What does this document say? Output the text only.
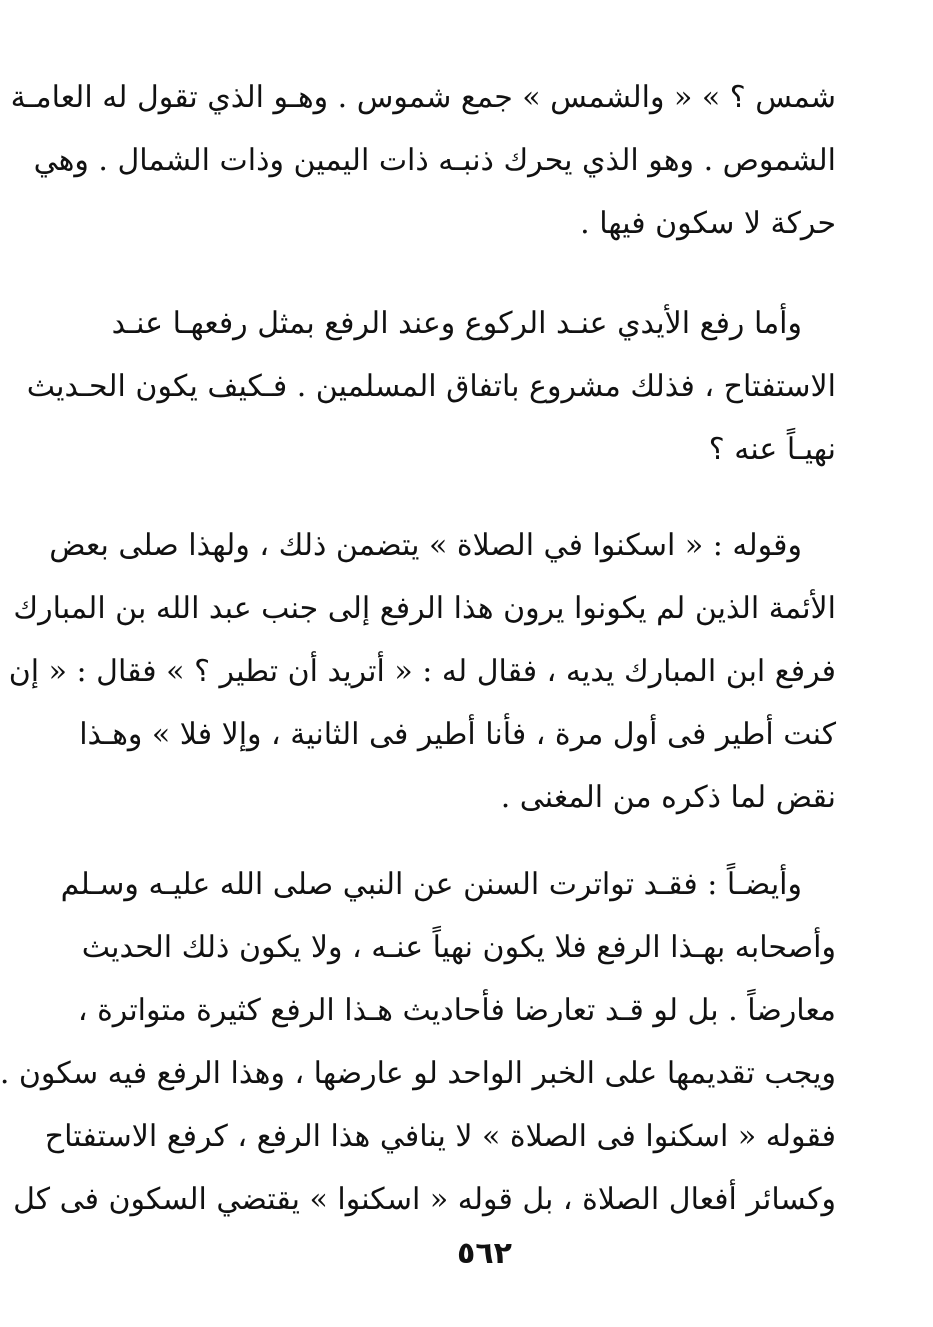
شمس ؟ » « والشمس » جمع شموس . وهـو الذي تقول له العامـة
الشموص . وهو الذي يحرك ذنبـه ذات اليمين وذات الشمال . وهي
حركة لا سكون فيها .
وأما رفع الأيدي عنـد الركوع وعند الرفع بمثل رفعهـا عنـد
الاستفتاح ، فذلك مشروع باتفاق المسلمين . فـكيف يكون الحـديث
نهيـاً عنه ؟
وقوله : « اسكنوا في الصلاة » يتضمن ذلك ، ولهذا صلى بعض
الأئمة الذين لم يكونوا يرون هذا الرفع إلى جنب عبد الله بن المبارك
فرفع ابن المبارك يديه ، فقال له : « أتريد أن تطير ؟ » فقال : « إن
كنت أطير فى أول مرة ، فأنا أطير فى الثانية ، وإلا فلا » وهـذا
نقض لما ذكره من المغنى .
وأيضـاً : فقـد تواترت السنن عن النبي صلى الله عليـه وسـلم
وأصحابه بهـذا الرفع فلا يكون نهياً عنـه ، ولا يكون ذلك الحديث
معارضاً . بل لو قـد تعارضا فأحاديث هـذا الرفع كثيرة متواترة ،
ويجب تقديمها على الخبر الواحد لو عارضها ، وهذا الرفع فيه سكون .
فقوله « اسكنوا فى الصلاة » لا ينافي هذا الرفع ، كرفع الاستفتاح
وكسائر أفعال الصلاة ، بل قوله « اسكنوا » يقتضي السكون فى كل
٥٦٢
